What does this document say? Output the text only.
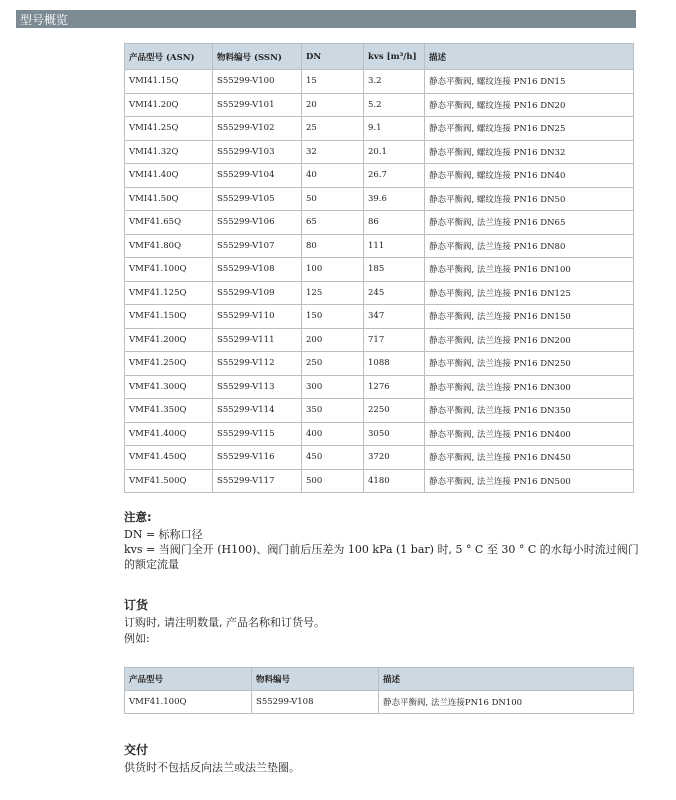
型号概览
产品型号 (ASN)	物料编号 (SSN)	DN	kvs [m³/h]	描述
VMI41.15Q	S55299-V100	15	3.2	静态平衡阀, 螺纹连接 PN16 DN15
VMI41.20Q	S55299-V101	20	5.2	静态平衡阀, 螺纹连接 PN16 DN20
VMI41.25Q	S55299-V102	25	9.1	静态平衡阀, 螺纹连接 PN16 DN25
VMI41.32Q	S55299-V103	32	20.1	静态平衡阀, 螺纹连接 PN16 DN32
VMI41.40Q	S55299-V104	40	26.7	静态平衡阀, 螺纹连接 PN16 DN40
VMI41.50Q	S55299-V105	50	39.6	静态平衡阀, 螺纹连接 PN16 DN50
VMF41.65Q	S55299-V106	65	86	静态平衡阀, 法兰连接 PN16 DN65
VMF41.80Q	S55299-V107	80	111	静态平衡阀, 法兰连接 PN16 DN80
VMF41.100Q	S55299-V108	100	185	静态平衡阀, 法兰连接 PN16 DN100
VMF41.125Q	S55299-V109	125	245	静态平衡阀, 法兰连接 PN16 DN125
VMF41.150Q	S55299-V110	150	347	静态平衡阀, 法兰连接 PN16 DN150
VMF41.200Q	S55299-V111	200	717	静态平衡阀, 法兰连接 PN16 DN200
VMF41.250Q	S55299-V112	250	1088	静态平衡阀, 法兰连接 PN16 DN250
VMF41.300Q	S55299-V113	300	1276	静态平衡阀, 法兰连接 PN16 DN300
VMF41.350Q	S55299-V114	350	2250	静态平衡阀, 法兰连接 PN16 DN350
VMF41.400Q	S55299-V115	400	3050	静态平衡阀, 法兰连接 PN16 DN400
VMF41.450Q	S55299-V116	450	3720	静态平衡阀, 法兰连接 PN16 DN450
VMF41.500Q	S55299-V117	500	4180	静态平衡阀, 法兰连接 PN16 DN500
注意:
DN = 标称口径
kvs = 当阀门全开 (H100)、阀门前后压差为 100 kPa (1 bar) 时, 5 ° C 至 30 ° C 的水每小时流过阀门的额定流量
订货
订购时, 请注明数量, 产品名称和订货号。
例如:
产品型号	物料编号	描述
VMF41.100Q	S55299-V108	静态平衡阀, 法兰连接PN16 DN100
交付
供货时不包括反向法兰或法兰垫圈。
